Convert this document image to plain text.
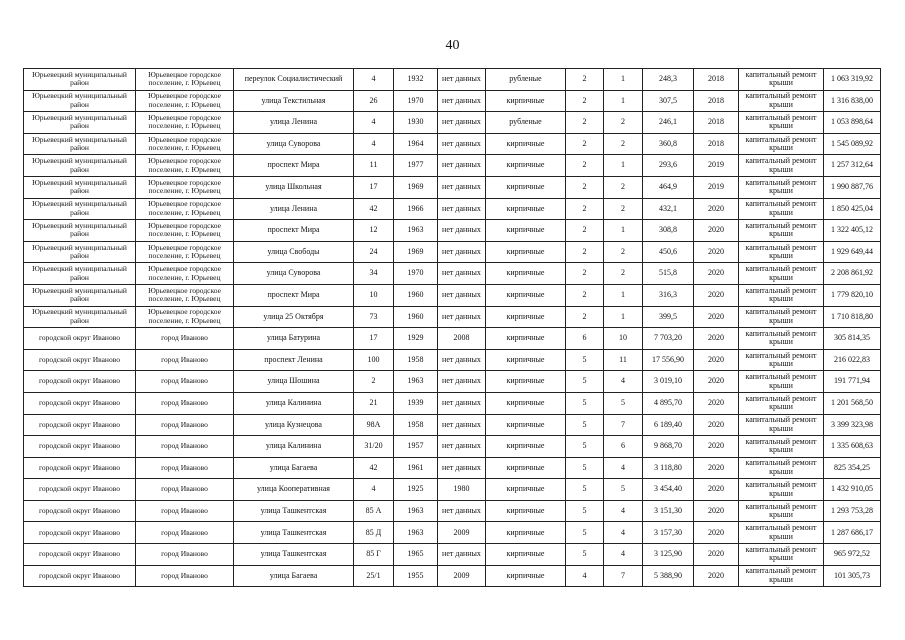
40
Юрьевецкий муниципальный район	Юрьевецкое городское поселение, г. Юрьевец	переулок Социалистический	4	1932	нет данных	рубленые	2	1	248,3	2018	капитальный ремонт крыши	1 063 319,92
Юрьевецкий муниципальный район	Юрьевецкое городское поселение, г. Юрьевец	улица Текстильная	26	1970	нет данных	кирпичные	2	1	307,5	2018	капитальный ремонт крыши	1 316 838,00
Юрьевецкий муниципальный район	Юрьевецкое городское поселение, г. Юрьевец	улица Ленина	4	1930	нет данных	рубленые	2	2	246,1	2018	капитальный ремонт крыши	1 053 898,64
Юрьевецкий муниципальный район	Юрьевецкое городское поселение, г. Юрьевец	улица Суворова	4	1964	нет данных	кирпичные	2	2	360,8	2018	капитальный ремонт крыши	1 545 089,92
Юрьевецкий муниципальный район	Юрьевецкое городское поселение, г. Юрьевец	проспект Мира	11	1977	нет данных	кирпичные	2	1	293,6	2019	капитальный ремонт крыши	1 257 312,64
Юрьевецкий муниципальный район	Юрьевецкое городское поселение, г. Юрьевец	улица Школьная	17	1969	нет данных	кирпичные	2	2	464,9	2019	капитальный ремонт крыши	1 990 887,76
Юрьевецкий муниципальный район	Юрьевецкое городское поселение, г. Юрьевец	улица Ленина	42	1966	нет данных	кирпичные	2	2	432,1	2020	капитальный ремонт крыши	1 850 425,04
Юрьевецкий муниципальный район	Юрьевецкое городское поселение, г. Юрьевец	проспект Мира	12	1963	нет данных	кирпичные	2	1	308,8	2020	капитальный ремонт крыши	1 322 405,12
Юрьевецкий муниципальный район	Юрьевецкое городское поселение, г. Юрьевец	улица Свободы	24	1969	нет данных	кирпичные	2	2	450,6	2020	капитальный ремонт крыши	1 929 649,44
Юрьевецкий муниципальный район	Юрьевецкое городское поселение, г. Юрьевец	улица Суворова	34	1970	нет данных	кирпичные	2	2	515,8	2020	капитальный ремонт крыши	2 208 861,92
Юрьевецкий муниципальный район	Юрьевецкое городское поселение, г. Юрьевец	проспект Мира	10	1960	нет данных	кирпичные	2	1	316,3	2020	капитальный ремонт крыши	1 779 820,10
Юрьевецкий муниципальный район	Юрьевецкое городское поселение, г. Юрьевец	улица 25 Октября	73	1960	нет данных	кирпичные	2	1	399,5	2020	капитальный ремонт крыши	1 710 818,80
городской округ Иваново	город Иваново	улица Батурина	17	1929	2008	кирпичные	6	10	7 703,20	2020	капитальный ремонт крыши	305 814,35
городской округ Иваново	город Иваново	проспект Ленина	100	1958	нет данных	кирпичные	5	11	17 556,90	2020	капитальный ремонт крыши	216 022,83
городской округ Иваново	город Иваново	улица Шошина	2	1963	нет данных	кирпичные	5	4	3 019,10	2020	капитальный ремонт крыши	191 771,94
городской округ Иваново	город Иваново	улица Калинина	21	1939	нет данных	кирпичные	5	5	4 895,70	2020	капитальный ремонт крыши	1 201 568,50
городской округ Иваново	город Иваново	улица Кузнецова	98А	1958	нет данных	кирпичные	5	7	6 189,40	2020	капитальный ремонт крыши	3 399 323,98
городской округ Иваново	город Иваново	улица Калинина	31/20	1957	нет данных	кирпичные	5	6	9 868,70	2020	капитальный ремонт крыши	1 335 608,63
городской округ Иваново	город Иваново	улица Багаева	42	1961	нет данных	кирпичные	5	4	3 118,80	2020	капитальный ремонт крыши	825 354,25
городской округ Иваново	город Иваново	улица Кооперативная	4	1925	1980	кирпичные	5	5	3 454,40	2020	капитальный ремонт крыши	1 432 910,05
городской округ Иваново	город Иваново	улица Ташкентская	85 А	1963	нет данных	кирпичные	5	4	3 151,30	2020	капитальный ремонт крыши	1 293 753,28
городской округ Иваново	город Иваново	улица Ташкентская	85 Д	1963	2009	кирпичные	5	4	3 157,30	2020	капитальный ремонт крыши	1 287 686,17
городской округ Иваново	город Иваново	улица Ташкентская	85 Г	1965	нет данных	кирпичные	5	4	3 125,90	2020	капитальный ремонт крыши	965 972,52
городской округ Иваново	город Иваново	улица Багаева	25/1	1955	2009	кирпичные	4	7	5 388,90	2020	капитальный ремонт крыши	101 305,73
